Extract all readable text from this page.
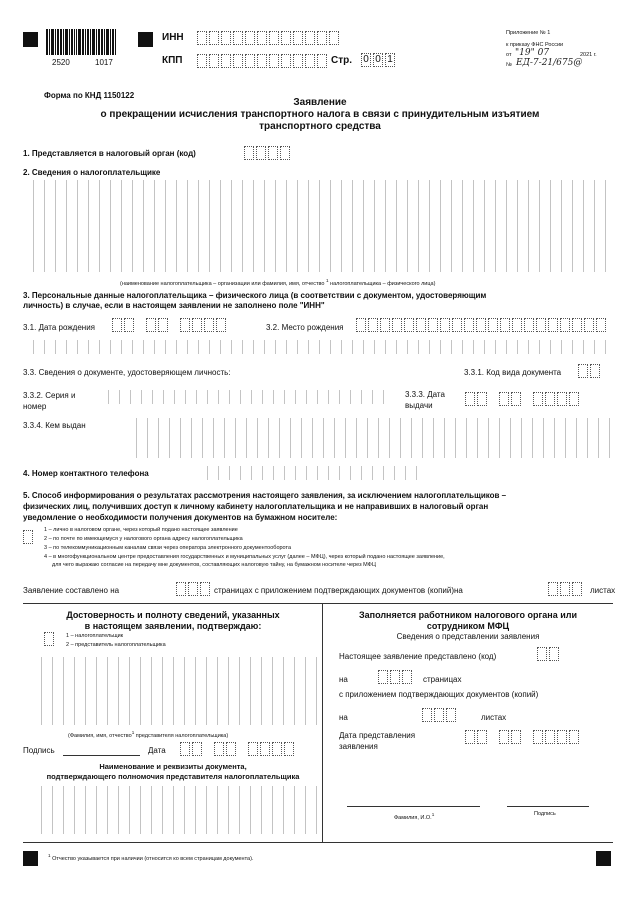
2520	1017
ИНН
КПП	Стр. 0 0 1
Приложение № 1
к приказу ФНС России
от "19" 07	2021 г.
№ ЕД-7-21/675@
Форма по КНД 1150122
Заявление
о прекращении исчисления транспортного налога в связи с принудительным изъятием
транспортного средства
1. Представляется в налоговый орган (код)
2. Сведения о налогоплательщике
(наименование налогоплательщика – организации или фамилия, имя, отчество $^1$ налогоплательщика – физического лица)
3. Персональные данные налогоплательщика – физического лица (в соответствии с документом, удостоверяющим
личность) в случае, если в настоящем заявлении не заполнено поле "ИНН"
3.1. Дата рождения	3.2. Место рождения
3.3. Сведения о документе, удостоверяющем личность:	3.3.1. Код вида документа
3.3.2. Серия и
номер
3.3.3. Дата
выдачи
3.3.4. Кем выдан
4. Номер контактного телефона
5. Способ информирования о результатах рассмотрения настоящего заявления, за исключением налогоплательщиков –
физических лиц, получивших доступ к личному кабинету налогоплательщика и не направивших в налоговый орган
уведомление о необходимости получения документов на бумажном носителе:
1 – лично в налоговом органе, через который подано настоящее заявление
2 – по почте по имеющемуся у налогового органа адресу налогоплательщика
3 – по телекоммуникационным каналам связи через оператора электронного документооборота
4 – в многофункциональном центре предоставления государственных и муниципальных услуг (далее – МФЦ), через который подано настоящее заявление,
для чего выражаю согласие на передачу мне документов, составляющих налоговую тайну, на бумажном носителе через МФЦ
Заявление составлено на	страницах с приложением подтверждающих документов (копий)на	листах
Достоверность и полноту сведений, указанных
в настоящем заявлении, подтверждаю:
1 – налогоплательщик
2 – представитель налогоплательщика
(Фамилия, имя, отчество$^1$ представителя налогоплательщика)
Подпись	Дата
Наименование и реквизиты документа,
подтверждающего полномочия представителя налогоплательщика
Заполняется работником налогового органа или
сотрудником МФЦ
Сведения о представлении заявления
Настоящее заявление представлено (код)
на	страницах
с приложением подтверждающих документов (копий)
на	листах
Дата представления
заявления
Фамилия, И.О.$^1$	Подпись
$^1$ Отчество указывается при наличии (относится ко всем страницам документа).
